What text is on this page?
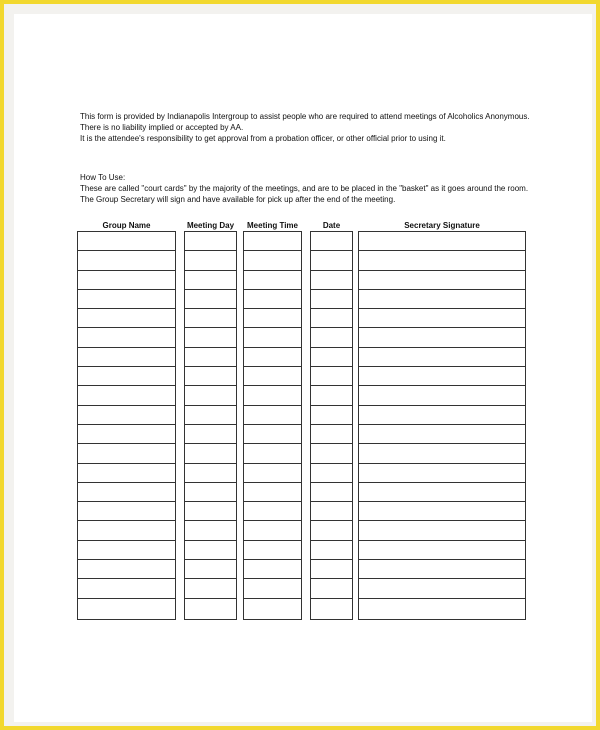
This form is provided by Indianapolis Intergroup to assist people who are required to attend meetings of Alcoholics Anonymous. There is no liability implied or accepted by AA.

It is the attendee's responsibility to get approval from a probation officer, or other official prior to using it.

How To Use:

These are called "court cards" by the majority of the meetings, and are to be placed in the "basket" as it goes around the room.

The Group Secretary will sign and have available for pick up after the end of the meeting.

Group Name	Meeting Day	Meeting Time	Date	Secretary Signature
